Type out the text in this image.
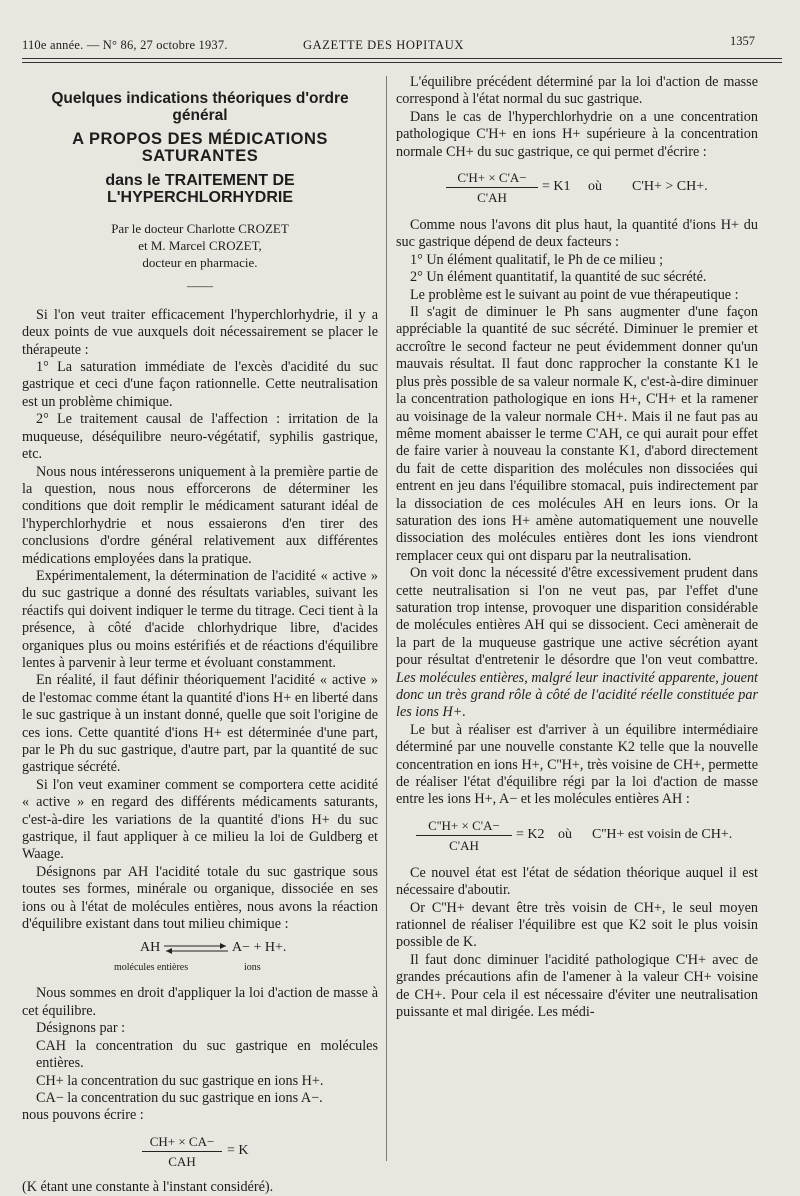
110e année. — N° 86, 27 octobre 1937.	GAZETTE DES HOPITAUX	1357
Quelques indications théoriques d'ordre général
A PROPOS DES MÉDICATIONS SATURANTES
dans le TRAITEMENT DE L'HYPERCHLORHYDRIE
Par le docteur Charlotte CROZET
et M. Marcel CROZET,
docteur en pharmacie.
——

Si l'on veut traiter efficacement l'hyperchlorhydrie, il y a deux points de vue auxquels doit nécessairement se placer le thérapeute :

1° La saturation immédiate de l'excès d'acidité du suc gastrique et ceci d'une façon rationnelle. Cette neutralisation est un problème chimique.

2° Le traitement causal de l'affection : irritation de la muqueuse, déséquilibre neuro-végétatif, syphilis gastrique, etc.

Nous nous intéresserons uniquement à la première partie de la question, nous nous efforcerons de déterminer les conditions que doit remplir le médicament saturant idéal de l'hyperchlorhydrie et nous essaierons d'en tirer des conclusions d'ordre général relativement aux différentes médications employées dans la pratique.

Expérimentalement, la détermination de l'acidité « active » du suc gastrique a donné des résultats variables, suivant les réactifs qui doivent indiquer le terme du titrage. Ceci tient à la présence, à côté d'acide chlorhydrique libre, d'acides organiques plus ou moins estérifiés et de réactions d'équilibre lentes à parvenir à leur terme et évoluant constamment.

En réalité, il faut définir théoriquement l'acidité « active » de l'estomac comme étant la quantité d'ions H+ en liberté dans le suc gastrique à un instant donné, quelle que soit l'origine de ces ions. Cette quantité d'ions H+ est déterminée d'une part, par le Ph du suc gastrique, d'autre part, par la quantité de suc gastrique sécrété.

Si l'on veut examiner comment se comportera cette acidité « active » en regard des différents médicaments saturants, c'est-à-dire les variations de la quantité d'ions H+ du suc gastrique, il faut appliquer à ce milieu la loi de Guldberg et Waage.

Désignons par AH l'acidité totale du suc gastrique sous toutes ses formes, minérale ou organique, dissociée en ses ions ou à l'état de molécules entières, nous avons la réaction d'équilibre existant dans tout milieu chimique :

AH	A− + H+.
molécules entières	ions

Nous sommes en droit d'appliquer la loi d'action de masse à cet équilibre.

Désignons par :

CAH la concentration du suc gastrique en molécules entières.

CH+ la concentration du suc gastrique en ions H+.

CA− la concentration du suc gastrique en ions A−.

nous pouvons écrire :

CH+ × CA−
CAH
= K

(K étant une constante à l'instant considéré).

L'équilibre précédent déterminé par la loi d'action de masse correspond à l'état normal du suc gastrique.

Dans le cas de l'hyperchlorhydrie on a une concentration pathologique C'H+ en ions H+ supérieure à la concentration normale CH+ du suc gastrique, ce qui permet d'écrire :

C'H+ × C'A−
C'AH
= K1 où C'H+ > CH+.

Comme nous l'avons dit plus haut, la quantité d'ions H+ du suc gastrique dépend de deux facteurs :

1° Un élément qualitatif, le Ph de ce milieu ;

2° Un élément quantitatif, la quantité de suc sécrété.

Le problème est le suivant au point de vue thérapeutique :

Il s'agit de diminuer le Ph sans augmenter d'une façon appréciable la quantité de suc sécrété. Diminuer le premier et accroître le second facteur ne peut évidemment donner qu'un mauvais résultat. Il faut donc rapprocher la constante K1 le plus près possible de sa valeur normale K, c'est-à-dire diminuer la concentration pathologique en ions H+, C'H+ et la ramener au voisinage de la valeur normale CH+. Mais il ne faut pas au même moment abaisser le terme C'AH, ce qui aurait pour effet de faire varier à nouveau la constante K1, d'abord directement du fait de cette disparition des molécules non dissociées qui entrent en jeu dans l'équilibre stomacal, puis indirectement par la dissociation de ces molécules AH en leurs ions. Or la saturation des ions H+ amène automatiquement une nouvelle dissociation des molécules entières dont les ions viendront remplacer ceux qui ont disparu par la neutralisation.

On voit donc la nécessité d'être excessivement prudent dans cette neutralisation si l'on ne veut pas, par l'effet d'une saturation trop intense, provoquer une disparition considérable de molécules entières AH qui se dissocient. Ceci amènerait de la part de la muqueuse gastrique une active sécrétion ayant pour résultat d'entretenir le désordre que l'on veut combattre. Les molécules entières, malgré leur inactivité apparente, jouent donc un très grand rôle à côté de l'acidité réelle constituée par les ions H+.

Le but à réaliser est d'arriver à un équilibre intermédiaire déterminé par une nouvelle constante K2 telle que la nouvelle concentration en ions H+, C''H+, très voisine de CH+, permette de réaliser l'état d'équilibre régi par la loi d'action de masse entre les ions H+, A− et les molécules entières AH :

C''H+ × C'A−
C'AH
= K2 où C''H+ est voisin de CH+.

Ce nouvel état est l'état de sédation théorique auquel il est nécessaire d'aboutir.

Or C''H+ devant être très voisin de CH+, le seul moyen rationnel de réaliser l'équilibre est que K2 soit le plus voisin possible de K.

Il faut donc diminuer l'acidité pathologique C'H+ avec de grandes précautions afin de l'amener à la valeur CH+ voisine de CH+. Pour cela il est nécessaire d'éviter une neutralisation puissante et mal dirigée. Les médi-
